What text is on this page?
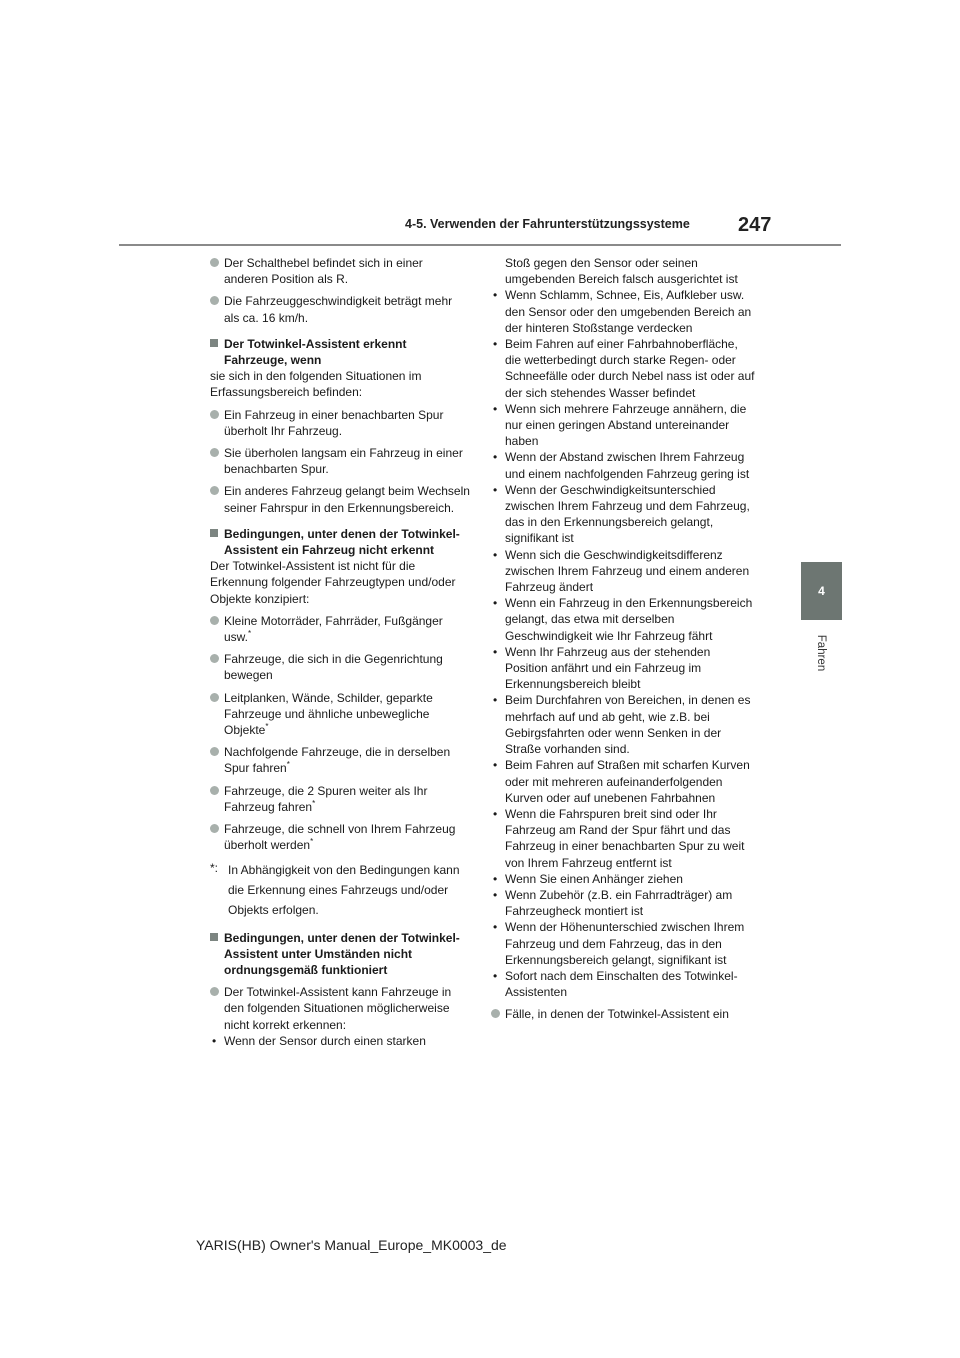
4-5. Verwenden der Fahrunterstützungssysteme 247
4
Fahren

Der Schalthebel befindet sich in einer anderen Position als R.

Die Fahrzeuggeschwindigkeit beträgt mehr als ca. 16 km/h.

Der Totwinkel-Assistent erkennt Fahrzeuge, wenn

sie sich in den folgenden Situationen im Erfassungsbereich befinden:

Ein Fahrzeug in einer benachbarten Spur überholt Ihr Fahrzeug.

Sie überholen langsam ein Fahrzeug in einer benachbarten Spur.

Ein anderes Fahrzeug gelangt beim Wechseln seiner Fahrspur in den Erkennungsbereich.

Bedingungen, unter denen der Totwinkel-Assistent ein Fahrzeug nicht erkennt

Der Totwinkel-Assistent ist nicht für die Erkennung folgender Fahrzeugtypen und/oder Objekte konzipiert:

Kleine Motorräder, Fahrräder, Fußgänger usw.*

Fahrzeuge, die sich in die Gegenrichtung bewegen

Leitplanken, Wände, Schilder, geparkte Fahrzeuge und ähnliche unbewegliche Objekte*

Nachfolgende Fahrzeuge, die in derselben Spur fahren*

Fahrzeuge, die 2 Spuren weiter als Ihr Fahrzeug fahren*

Fahrzeuge, die schnell von Ihrem Fahrzeug überholt werden*

*: In Abhängigkeit von den Bedingungen kann die Erkennung eines Fahrzeugs und/oder Objekts erfolgen.

Bedingungen, unter denen der Totwinkel-Assistent unter Umständen nicht ordnungsgemäß funktioniert

Der Totwinkel-Assistent kann Fahrzeuge in den folgenden Situationen möglicherweise nicht korrekt erkennen:

• Wenn der Sensor durch einen starken

Stoß gegen den Sensor oder seinen umgebenden Bereich falsch ausgerichtet ist

• Wenn Schlamm, Schnee, Eis, Aufkleber usw. den Sensor oder den umgebenden Bereich an der hinteren Stoßstange verdecken

• Beim Fahren auf einer Fahrbahnoberfläche, die wetterbedingt durch starke Regen- oder Schneefälle oder durch Nebel nass ist oder auf der sich stehendes Wasser befindet

• Wenn sich mehrere Fahrzeuge annähern, die nur einen geringen Abstand untereinander haben

• Wenn der Abstand zwischen Ihrem Fahrzeug und einem nachfolgenden Fahrzeug gering ist

• Wenn der Geschwindigkeitsunterschied zwischen Ihrem Fahrzeug und dem Fahrzeug, das in den Erkennungsbereich gelangt, signifikant ist

• Wenn sich die Geschwindigkeitsdifferenz zwischen Ihrem Fahrzeug und einem anderen Fahrzeug ändert

• Wenn ein Fahrzeug in den Erkennungsbereich gelangt, das etwa mit derselben Geschwindigkeit wie Ihr Fahrzeug fährt

• Wenn Ihr Fahrzeug aus der stehenden Position anfährt und ein Fahrzeug im Erkennungsbereich bleibt

• Beim Durchfahren von Bereichen, in denen es mehrfach auf und ab geht, wie z.B. bei Gebirgsfahrten oder wenn Senken in der Straße vorhanden sind.

• Beim Fahren auf Straßen mit scharfen Kurven oder mit mehreren aufeinanderfolgenden Kurven oder auf unebenen Fahrbahnen

• Wenn die Fahrspuren breit sind oder Ihr Fahrzeug am Rand der Spur fährt und das Fahrzeug in einer benachbarten Spur zu weit von Ihrem Fahrzeug entfernt ist

• Wenn Sie einen Anhänger ziehen

• Wenn Zubehör (z.B. ein Fahrradträger) am Fahrzeugheck montiert ist

• Wenn der Höhenunterschied zwischen Ihrem Fahrzeug und dem Fahrzeug, das in den Erkennungsbereich gelangt, signifikant ist

• Sofort nach dem Einschalten des Totwinkel-Assistenten

Fälle, in denen der Totwinkel-Assistent ein

YARIS(HB) Owner's Manual_Europe_MK0003_de
